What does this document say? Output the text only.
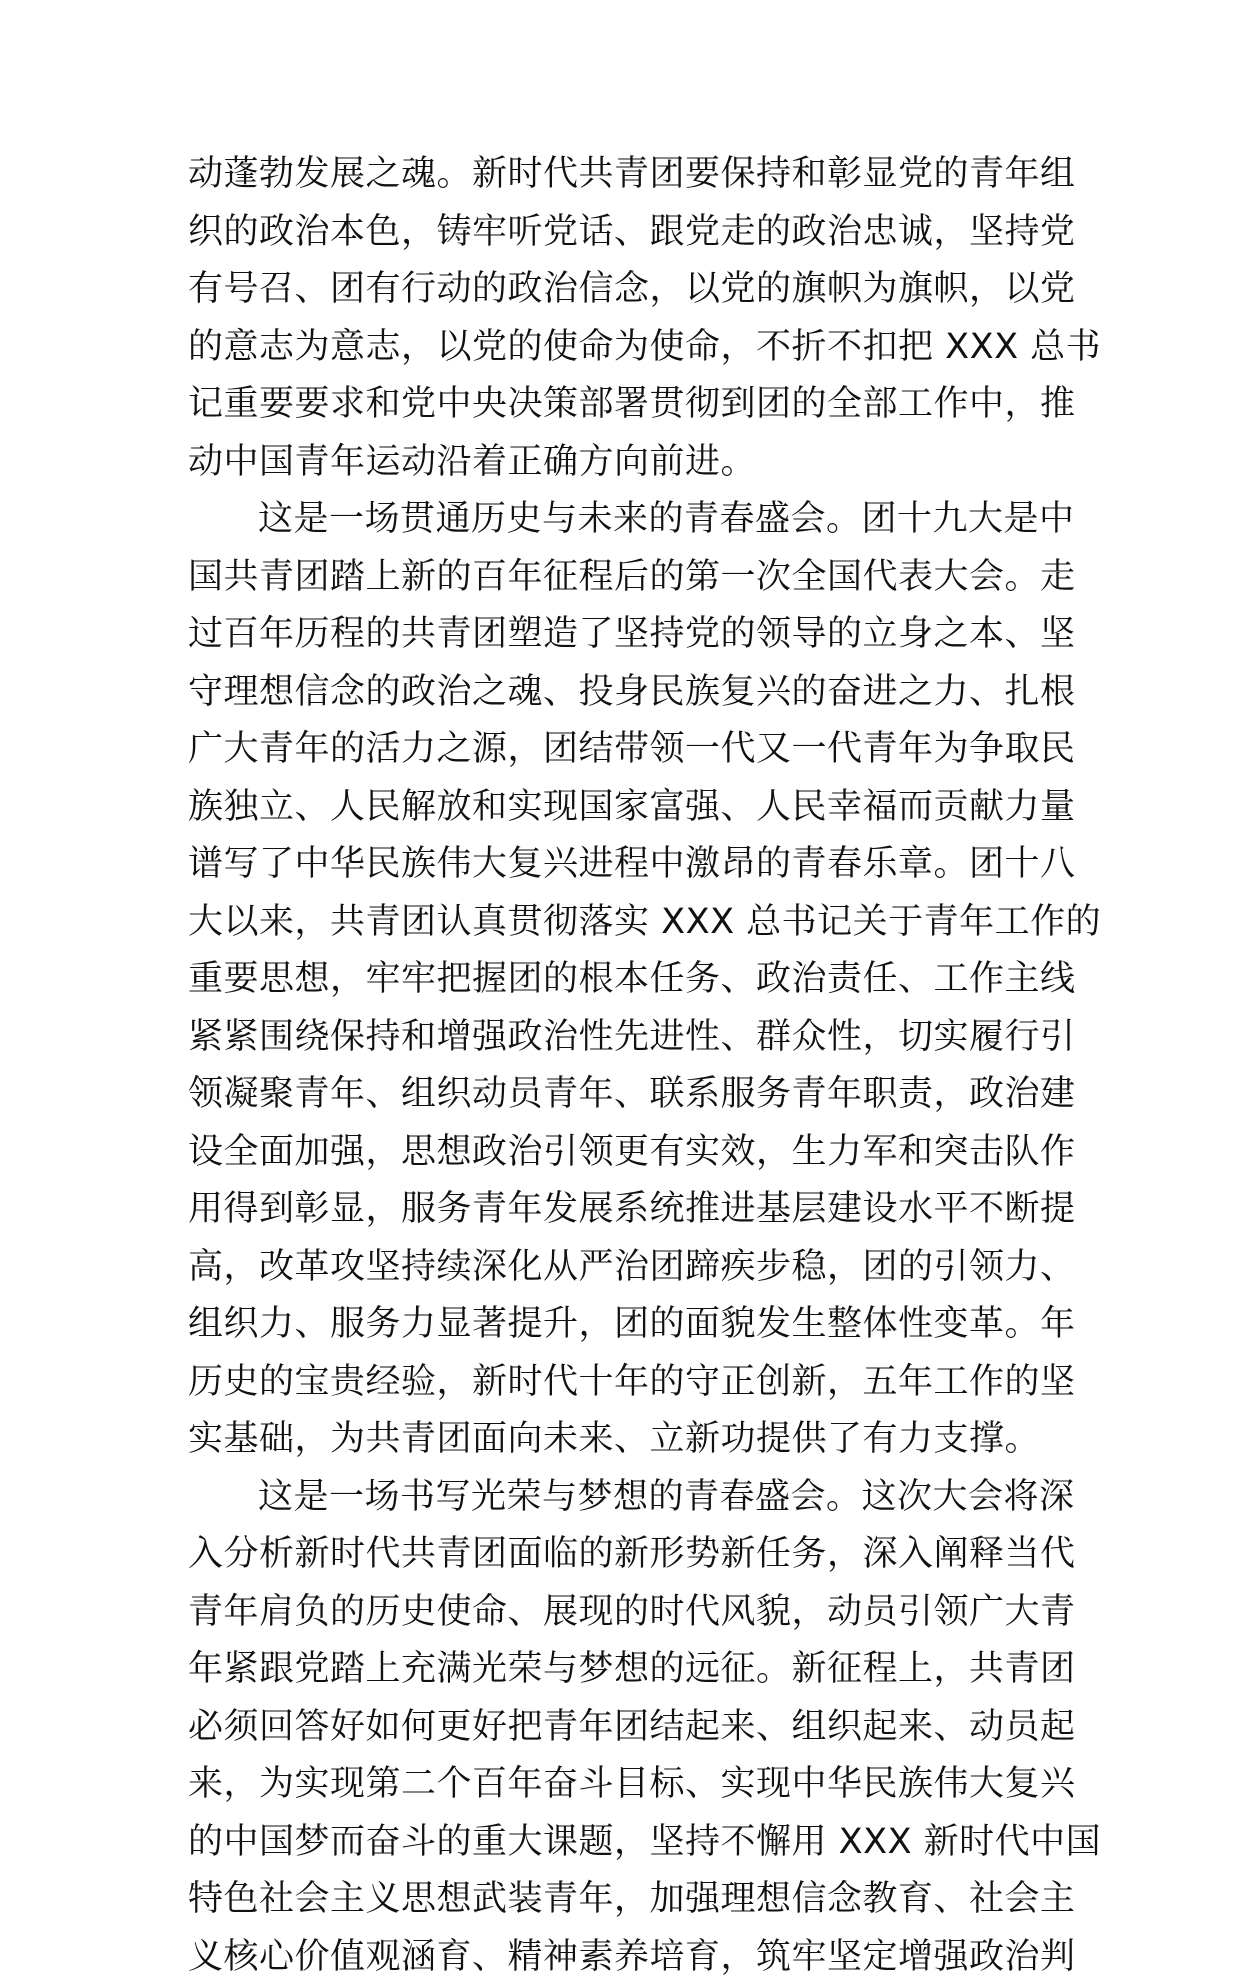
动蓬勃发展之魂。新时代共青团要保持和彰显党的青年组
织的政治本色，铸牢听党话、跟党走的政治忠诚，坚持党
有号召、团有行动的政治信念，以党的旗帜为旗帜，以党
的意志为意志，以党的使命为使命，不折不扣把 XXX 总书
记重要要求和党中央决策部署贯彻到团的全部工作中，推
动中国青年运动沿着正确方向前进。
这是一场贯通历史与未来的青春盛会。团十九大是中
国共青团踏上新的百年征程后的第一次全国代表大会。走
过百年历程的共青团塑造了坚持党的领导的立身之本、坚
守理想信念的政治之魂、投身民族复兴的奋进之力、扎根
广大青年的活力之源，团结带领一代又一代青年为争取民
族独立、人民解放和实现国家富强、人民幸福而贡献力量
谱写了中华民族伟大复兴进程中激昂的青春乐章。团十八
大以来，共青团认真贯彻落实 XXX 总书记关于青年工作的
重要思想，牢牢把握团的根本任务、政治责任、工作主线
紧紧围绕保持和增强政治性先进性、群众性，切实履行引
领凝聚青年、组织动员青年、联系服务青年职责，政治建
设全面加强，思想政治引领更有实效，生力军和突击队作
用得到彰显，服务青年发展系统推进基层建设水平不断提
高，改革攻坚持续深化从严治团蹄疾步稳，团的引领力、
组织力、服务力显著提升，团的面貌发生整体性变革。年
历史的宝贵经验，新时代十年的守正创新，五年工作的坚
实基础，为共青团面向未来、立新功提供了有力支撑。
这是一场书写光荣与梦想的青春盛会。这次大会将深
入分析新时代共青团面临的新形势新任务，深入阐释当代
青年肩负的历史使命、展现的时代风貌，动员引领广大青
年紧跟党踏上充满光荣与梦想的远征。新征程上，共青团
必须回答好如何更好把青年团结起来、组织起来、动员起
来，为实现第二个百年奋斗目标、实现中华民族伟大复兴
的中国梦而奋斗的重大课题，坚持不懈用 XXX 新时代中国
特色社会主义思想武装青年，加强理想信念教育、社会主
义核心价值观涵育、精神素养培育，筑牢坚定增强政治判
